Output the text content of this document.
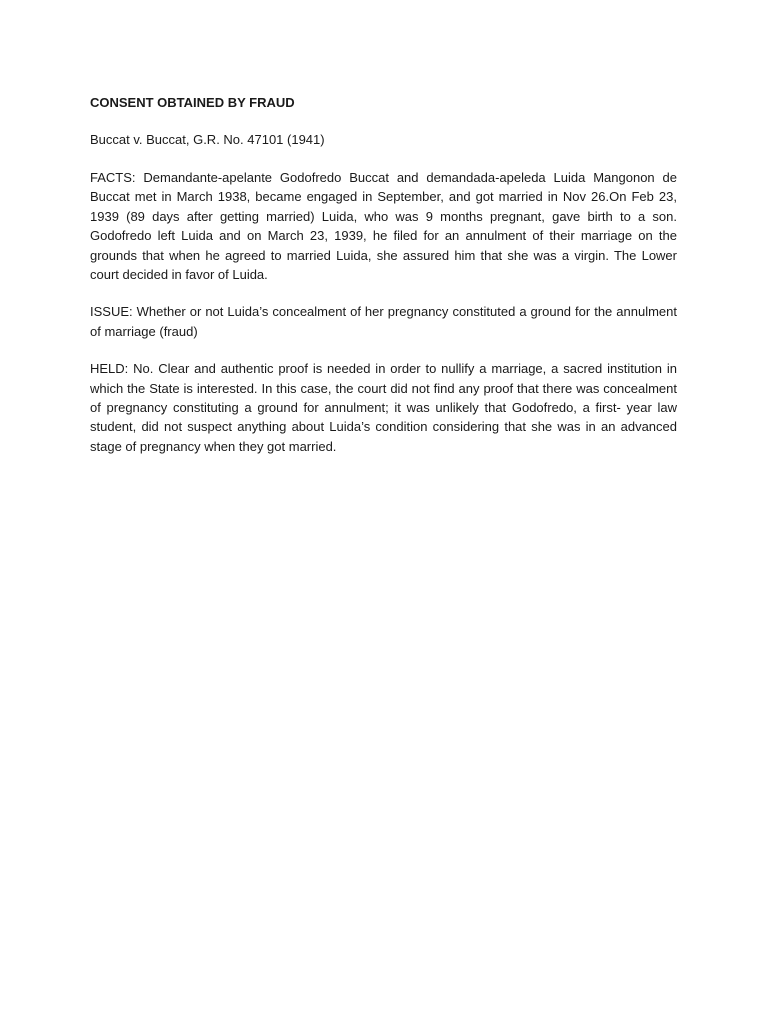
CONSENT OBTAINED BY FRAUD
Buccat v. Buccat, G.R. No. 47101 (1941)

FACTS: Demandante-apelante Godofredo Buccat and demandada-apeleda Luida Mangonon de Buccat met in March 1938, became engaged in September, and got married in Nov 26.On Feb 23, 1939 (89 days after getting married) Luida, who was 9 months pregnant, gave birth to a son. Godofredo left Luida and on March 23, 1939, he filed for an annulment of their marriage on the grounds that when he agreed to married Luida, she assured him that she was a virgin. The Lower court decided in favor of Luida.

ISSUE: Whether or not Luida’s concealment of her pregnancy constituted a ground for the annulment of marriage (fraud)

HELD: No. Clear and authentic proof is needed in order to nullify a marriage, a sacred institution in which the State is interested. In this case, the court did not find any proof that there was concealment of pregnancy constituting a ground for annulment; it was unlikely that Godofredo, a first- year law student, did not suspect anything about Luida’s condition considering that she was in an advanced stage of pregnancy when they got married.
